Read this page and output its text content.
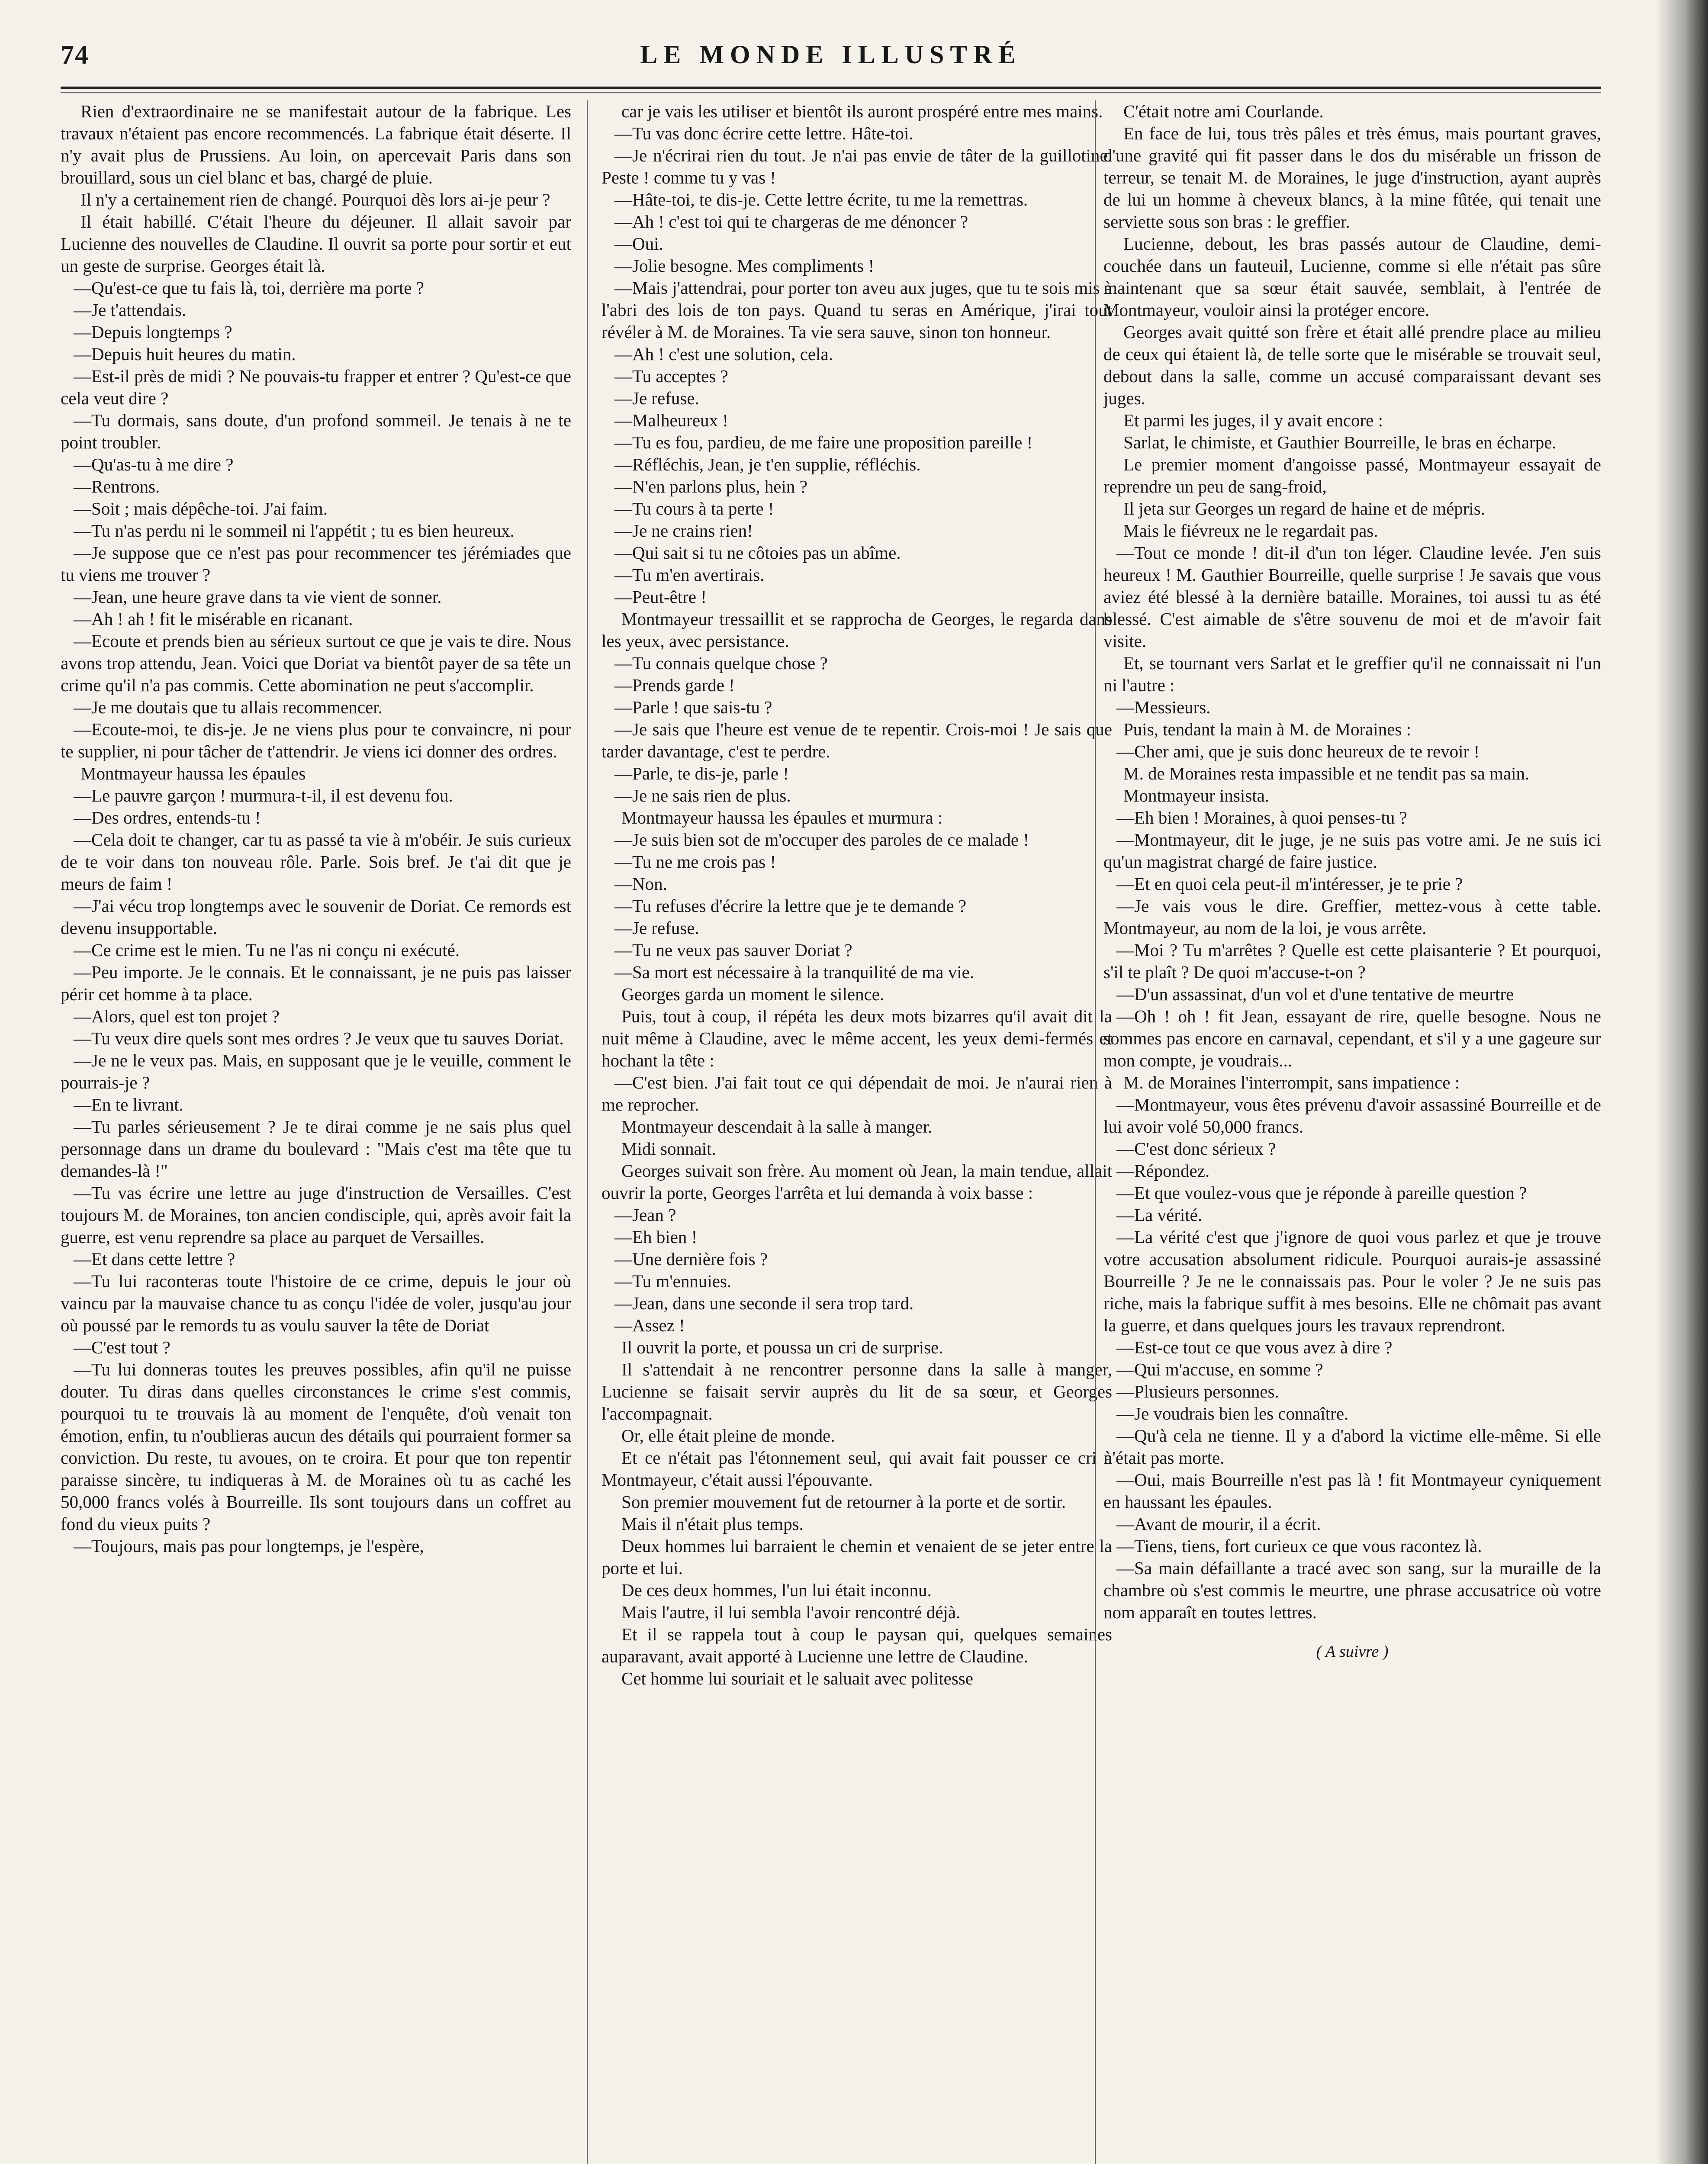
74	LE MONDE ILLUSTRÉ

Rien d'extraordinaire ne se manifestait autour de la fabrique. Les travaux n'étaient pas encore recommencés. La fabrique était déserte. Il n'y avait plus de Prussiens. Au loin, on apercevait Paris dans son brouillard, sous un ciel blanc et bas, chargé de pluie.

Il n'y a certainement rien de changé. Pourquoi dès lors ai-je peur ?

Il était habillé. C'était l'heure du déjeuner. Il allait savoir par Lucienne des nouvelles de Claudine. Il ouvrit sa porte pour sortir et eut un geste de surprise. Georges était là.

—Qu'est-ce que tu fais là, toi, derrière ma porte ?

—Je t'attendais.

—Depuis longtemps ?

—Depuis huit heures du matin.

—Est-il près de midi ? Ne pouvais-tu frapper et entrer ? Qu'est-ce que cela veut dire ?

—Tu dormais, sans doute, d'un profond sommeil. Je tenais à ne te point troubler.

—Qu'as-tu à me dire ?

—Rentrons.

—Soit ; mais dépêche-toi. J'ai faim.

—Tu n'as perdu ni le sommeil ni l'appétit ; tu es bien heureux.

—Je suppose que ce n'est pas pour recommencer tes jérémiades que tu viens me trouver ?

—Jean, une heure grave dans ta vie vient de sonner.

—Ah ! ah ! fit le misérable en ricanant.

—Ecoute et prends bien au sérieux surtout ce que je vais te dire. Nous avons trop attendu, Jean. Voici que Doriat va bientôt payer de sa tête un crime qu'il n'a pas commis. Cette abomination ne peut s'accomplir.

—Je me doutais que tu allais recommencer.

—Ecoute-moi, te dis-je. Je ne viens plus pour te convaincre, ni pour te supplier, ni pour tâcher de t'attendrir. Je viens ici donner des ordres.

Montmayeur haussa les épaules

—Le pauvre garçon ! murmura-t-il, il est devenu fou.

—Des ordres, entends-tu !

—Cela doit te changer, car tu as passé ta vie à m'obéir. Je suis curieux de te voir dans ton nouveau rôle. Parle. Sois bref. Je t'ai dit que je meurs de faim !

—J'ai vécu trop longtemps avec le souvenir de Doriat. Ce remords est devenu insupportable.

—Ce crime est le mien. Tu ne l'as ni conçu ni exécuté.

—Peu importe. Je le connais. Et le connaissant, je ne puis pas laisser périr cet homme à ta place.

—Alors, quel est ton projet ?

—Tu veux dire quels sont mes ordres ? Je veux que tu sauves Doriat.

—Je ne le veux pas. Mais, en supposant que je le veuille, comment le pourrais-je ?

—En te livrant.

—Tu parles sérieusement ? Je te dirai comme je ne sais plus quel personnage dans un drame du boulevard : "Mais c'est ma tête que tu demandes-là !"

—Tu vas écrire une lettre au juge d'instruction de Versailles. C'est toujours M. de Moraines, ton ancien condisciple, qui, après avoir fait la guerre, est venu reprendre sa place au parquet de Versailles.

—Et dans cette lettre ?

—Tu lui raconteras toute l'histoire de ce crime, depuis le jour où vaincu par la mauvaise chance tu as conçu l'idée de voler, jusqu'au jour où poussé par le remords tu as voulu sauver la tête de Doriat

—C'est tout ?

—Tu lui donneras toutes les preuves possibles, afin qu'il ne puisse douter. Tu diras dans quelles circonstances le crime s'est commis, pourquoi tu te trouvais là au moment de l'enquête, d'où venait ton émotion, enfin, tu n'oublieras aucun des détails qui pourraient former sa conviction. Du reste, tu avoues, on te croira. Et pour que ton repentir paraisse sincère, tu indiqueras à M. de Moraines où tu as caché les 50,000 francs volés à Bourreille. Ils sont toujours dans un coffret au fond du vieux puits ?

—Toujours, mais pas pour longtemps, je l'espère,

car je vais les utiliser et bientôt ils auront prospéré entre mes mains.

—Tu vas donc écrire cette lettre. Hâte-toi.

—Je n'écrirai rien du tout. Je n'ai pas envie de tâter de la guillotine. Peste ! comme tu y vas !

—Hâte-toi, te dis-je. Cette lettre écrite, tu me la remettras.

—Ah ! c'est toi qui te chargeras de me dénoncer ?

—Oui.

—Jolie besogne. Mes compliments !

—Mais j'attendrai, pour porter ton aveu aux juges, que tu te sois mis à l'abri des lois de ton pays. Quand tu seras en Amérique, j'irai tout révéler à M. de Moraines. Ta vie sera sauve, sinon ton honneur.

—Ah ! c'est une solution, cela.

—Tu acceptes ?

—Je refuse.

—Malheureux !

—Tu es fou, pardieu, de me faire une proposition pareille !

—Réfléchis, Jean, je t'en supplie, réfléchis.

—N'en parlons plus, hein ?

—Tu cours à ta perte !

—Je ne crains rien!

—Qui sait si tu ne côtoies pas un abîme.

—Tu m'en avertirais.

—Peut-être !

Montmayeur tressaillit et se rapprocha de Georges, le regarda dans les yeux, avec persistance.

—Tu connais quelque chose ?

—Prends garde !

—Parle ! que sais-tu ?

—Je sais que l'heure est venue de te repentir. Crois-moi ! Je sais que tarder davantage, c'est te perdre.

—Parle, te dis-je, parle !

—Je ne sais rien de plus.

Montmayeur haussa les épaules et murmura :

—Je suis bien sot de m'occuper des paroles de ce malade !

—Tu ne me crois pas !

—Non.

—Tu refuses d'écrire la lettre que je te demande ?

—Je refuse.

—Tu ne veux pas sauver Doriat ?

—Sa mort est nécessaire à la tranquilité de ma vie.

Georges garda un moment le silence.

Puis, tout à coup, il répéta les deux mots bizarres qu'il avait dit la nuit même à Claudine, avec le même accent, les yeux demi-fermés et hochant la tête :

—C'est bien. J'ai fait tout ce qui dépendait de moi. Je n'aurai rien à me reprocher.

Montmayeur descendait à la salle à manger.

Midi sonnait.

Georges suivait son frère. Au moment où Jean, la main tendue, allait ouvrir la porte, Georges l'arrêta et lui demanda à voix basse :

—Jean ?

—Eh bien !

—Une dernière fois ?

—Tu m'ennuies.

—Jean, dans une seconde il sera trop tard.

—Assez !

Il ouvrit la porte, et poussa un cri de surprise.

Il s'attendait à ne rencontrer personne dans la salle à manger, Lucienne se faisait servir auprès du lit de sa sœur, et Georges l'accompagnait.

Or, elle était pleine de monde.

Et ce n'était pas l'étonnement seul, qui avait fait pousser ce cri à Montmayeur, c'était aussi l'épouvante.

Son premier mouvement fut de retourner à la porte et de sortir.

Mais il n'était plus temps.

Deux hommes lui barraient le chemin et venaient de se jeter entre la porte et lui.

De ces deux hommes, l'un lui était inconnu.

Mais l'autre, il lui sembla l'avoir rencontré déjà.

Et il se rappela tout à coup le paysan qui, quelques semaines auparavant, avait apporté à Lucienne une lettre de Claudine.

Cet homme lui souriait et le saluait avec politesse

C'était notre ami Courlande.

En face de lui, tous très pâles et très émus, mais pourtant graves, d'une gravité qui fit passer dans le dos du misérable un frisson de terreur, se tenait M. de Moraines, le juge d'instruction, ayant auprès de lui un homme à cheveux blancs, à la mine fûtée, qui tenait une serviette sous son bras : le greffier.

Lucienne, debout, les bras passés autour de Claudine, demi-couchée dans un fauteuil, Lucienne, comme si elle n'était pas sûre maintenant que sa sœur était sauvée, semblait, à l'entrée de Montmayeur, vouloir ainsi la protéger encore.

Georges avait quitté son frère et était allé prendre place au milieu de ceux qui étaient là, de telle sorte que le misérable se trouvait seul, debout dans la salle, comme un accusé comparaissant devant ses juges.

Et parmi les juges, il y avait encore :

Sarlat, le chimiste, et Gauthier Bourreille, le bras en écharpe.

Le premier moment d'angoisse passé, Montmayeur essayait de reprendre un peu de sang-froid,

Il jeta sur Georges un regard de haine et de mépris.

Mais le fiévreux ne le regardait pas.

—Tout ce monde ! dit-il d'un ton léger. Claudine levée. J'en suis heureux ! M. Gauthier Bourreille, quelle surprise ! Je savais que vous aviez été blessé à la dernière bataille. Moraines, toi aussi tu as été blessé. C'est aimable de s'être souvenu de moi et de m'avoir fait visite.

Et, se tournant vers Sarlat et le greffier qu'il ne connaissait ni l'un ni l'autre :

—Messieurs.

Puis, tendant la main à M. de Moraines :

—Cher ami, que je suis donc heureux de te revoir !

M. de Moraines resta impassible et ne tendit pas sa main.

Montmayeur insista.

—Eh bien ! Moraines, à quoi penses-tu ?

—Montmayeur, dit le juge, je ne suis pas votre ami. Je ne suis ici qu'un magistrat chargé de faire justice.

—Et en quoi cela peut-il m'intéresser, je te prie ?

—Je vais vous le dire. Greffier, mettez-vous à cette table. Montmayeur, au nom de la loi, je vous arrête.

—Moi ? Tu m'arrêtes ? Quelle est cette plaisanterie ? Et pourquoi, s'il te plaît ? De quoi m'accuse-t-on ?

—D'un assassinat, d'un vol et d'une tentative de meurtre

—Oh ! oh ! fit Jean, essayant de rire, quelle besogne. Nous ne sommes pas encore en carnaval, cependant, et s'il y a une gageure sur mon compte, je voudrais...

M. de Moraines l'interrompit, sans impatience :

—Montmayeur, vous êtes prévenu d'avoir assassiné Bourreille et de lui avoir volé 50,000 francs.

—C'est donc sérieux ?

—Répondez.

—Et que voulez-vous que je réponde à pareille question ?

—La vérité.

—La vérité c'est que j'ignore de quoi vous parlez et que je trouve votre accusation absolument ridicule. Pourquoi aurais-je assassiné Bourreille ? Je ne le connaissais pas. Pour le voler ? Je ne suis pas riche, mais la fabrique suffit à mes besoins. Elle ne chômait pas avant la guerre, et dans quelques jours les travaux reprendront.

—Est-ce tout ce que vous avez à dire ?

—Qui m'accuse, en somme ?

—Plusieurs personnes.

—Je voudrais bien les connaître.

—Qu'à cela ne tienne. Il y a d'abord la victime elle-même. Si elle n'était pas morte.

—Oui, mais Bourreille n'est pas là ! fit Montmayeur cyniquement en haussant les épaules.

—Avant de mourir, il a écrit.

—Tiens, tiens, fort curieux ce que vous racontez là.

—Sa main défaillante a tracé avec son sang, sur la muraille de la chambre où s'est commis le meurtre, une phrase accusatrice où votre nom apparaît en toutes lettres.

( A suivre )
